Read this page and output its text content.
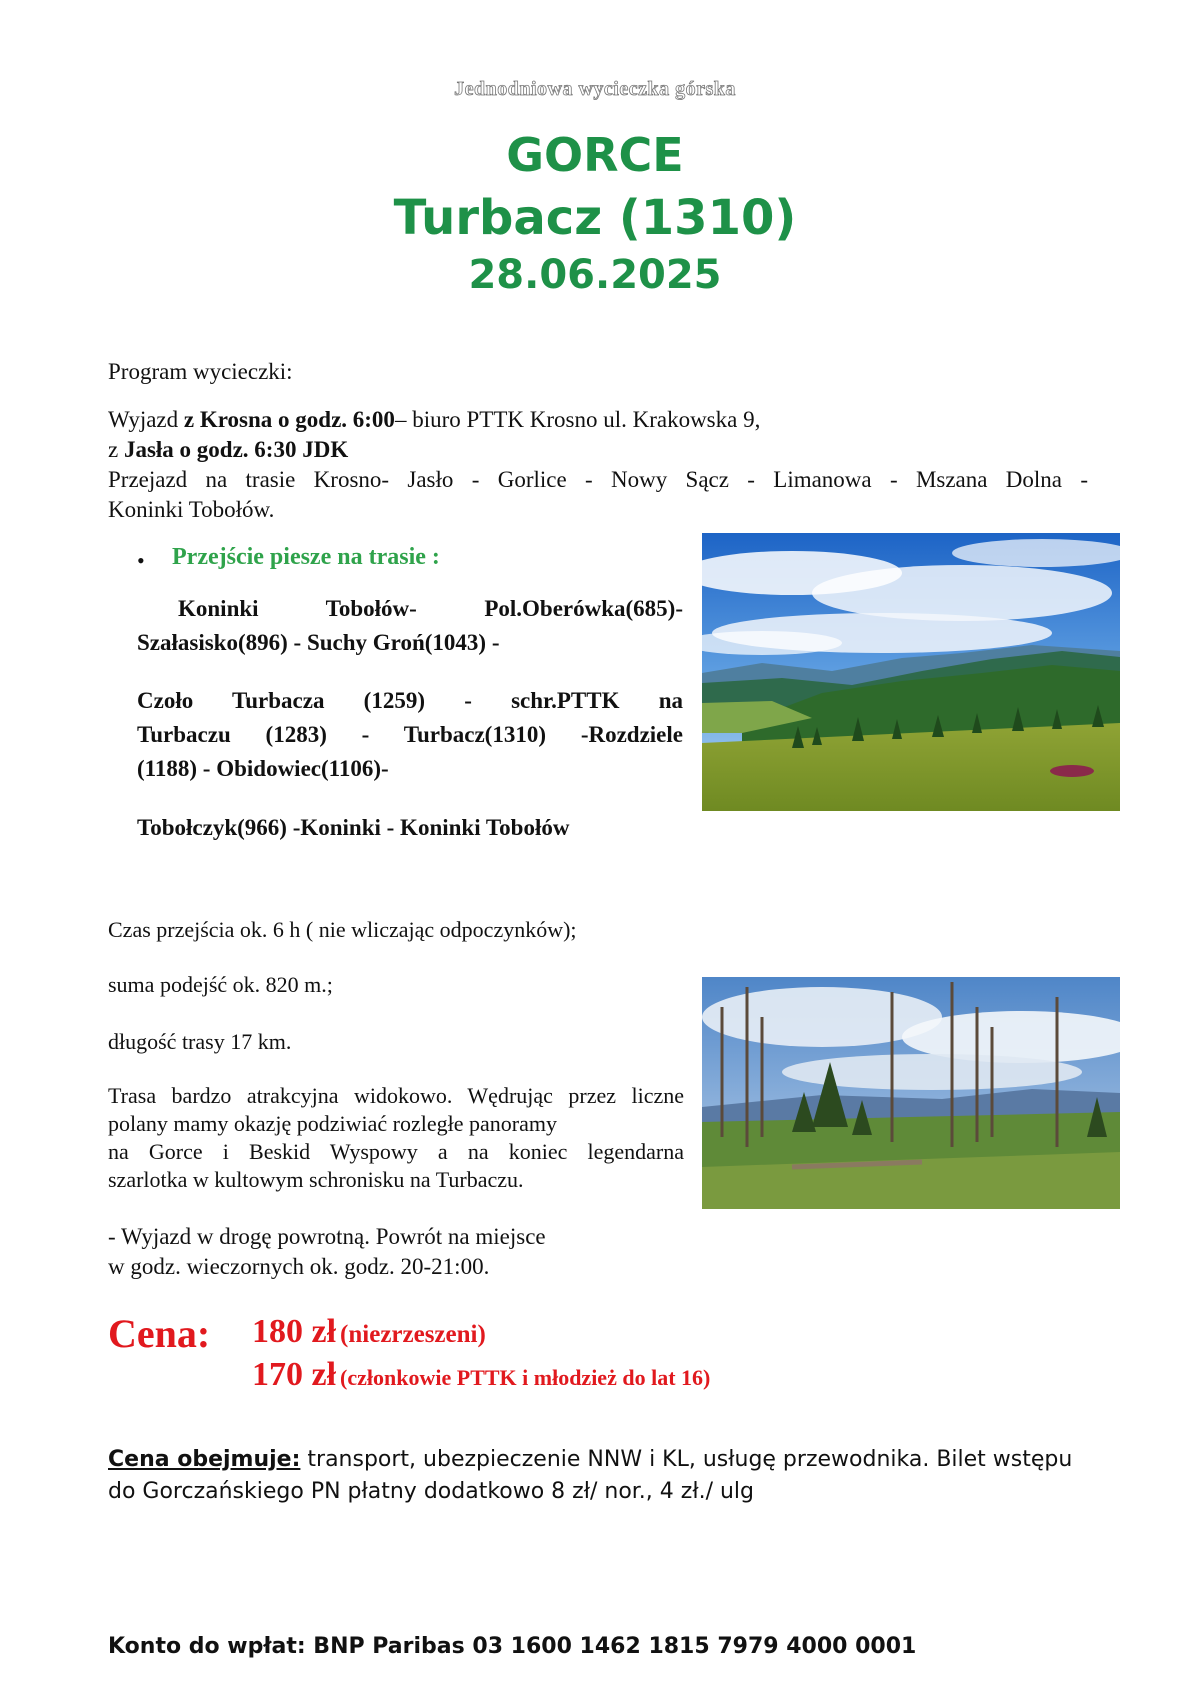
Jednodniowa wycieczka górska
GORCE
Turbacz (1310)
28.06.2025
Program wycieczki:
Wyjazd z Krosna o godz. 6:00– biuro PTTK Krosno ul. Krakowska 9,
z Jasła o godz. 6:30 JDK
Przejazd na trasie Krosno- Jasło - Gorlice - Nowy Sącz - Limanowa - Mszana Dolna -
Koninki Tobołów.
• Przejście piesze na trasie :
Koninki Tobołów- Pol.Oberówka(685)-
Szałasisko(896) - Suchy Groń(1043) -
Czoło Turbacza (1259) - schr.PTTK na
Turbaczu (1283) - Turbacz(1310) -Rozdziele
(1188) - Obidowiec(1106)-
Tobołczyk(966) -Koninki - Koninki Tobołów
Czas przejścia ok. 6 h ( nie wliczając odpoczynków);
suma podejść ok. 820 m.;
długość trasy 17 km.
Trasa bardzo atrakcyjna widokowo. Wędrując przez liczne
polany mamy okazję podziwiać rozległe panoramy
na Gorce i Beskid Wyspowy a na koniec legendarna
szarlotka w kultowym schronisku na Turbaczu.
- Wyjazd w drogę powrotną. Powrót na miejsce
w godz. wieczornych ok. godz. 20-21:00.
Cena: 180 zł (niezrzeszeni)
170 zł (członkowie PTTK i młodzież do lat 16)
Cena obejmuje: transport, ubezpieczenie NNW i KL, usługę przewodnika. Bilet wstępu do Gorczańskiego PN płatny dodatkowo 8 zł/ nor., 4 zł./ ulg
Konto do wpłat: BNP Paribas 03 1600 1462 1815 7979 4000 0001
